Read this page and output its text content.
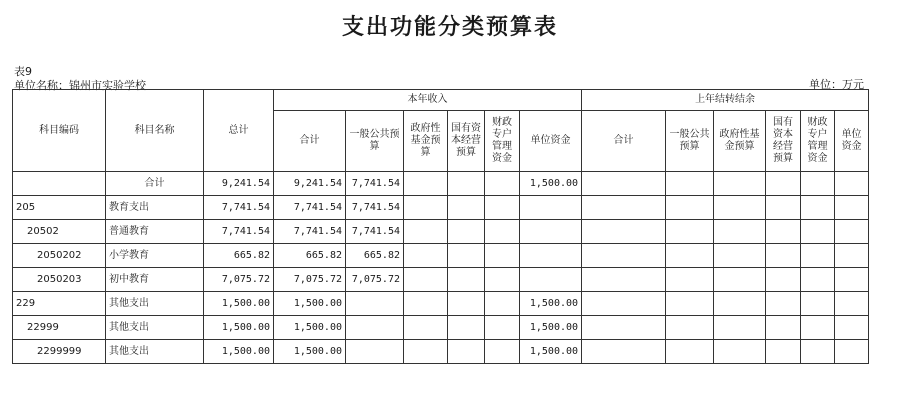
支出功能分类预算表
表9
单位名称：锦州市实验学校	单位：万元
科目编码	科目名称	总计	本年收入						上年结转结余					
			合计	一般公共预算	政府性基金预算	国有资本经营预算	财政专户管理资金	单位资金	合计	一般公共预算	政府性基金预算	国有资本经营预算	财政专户管理资金	单位资金
	合计	9,241.54	9,241.54	7,741.54				1,500.00						
205	教育支出	7,741.54	7,741.54	7,741.54										
20502	普通教育	7,741.54	7,741.54	7,741.54										
2050202	小学教育	665.82	665.82	665.82										
2050203	初中教育	7,075.72	7,075.72	7,075.72										
229	其他支出	1,500.00	1,500.00					1,500.00						
22999	其他支出	1,500.00	1,500.00					1,500.00						
2299999	其他支出	1,500.00	1,500.00					1,500.00						
